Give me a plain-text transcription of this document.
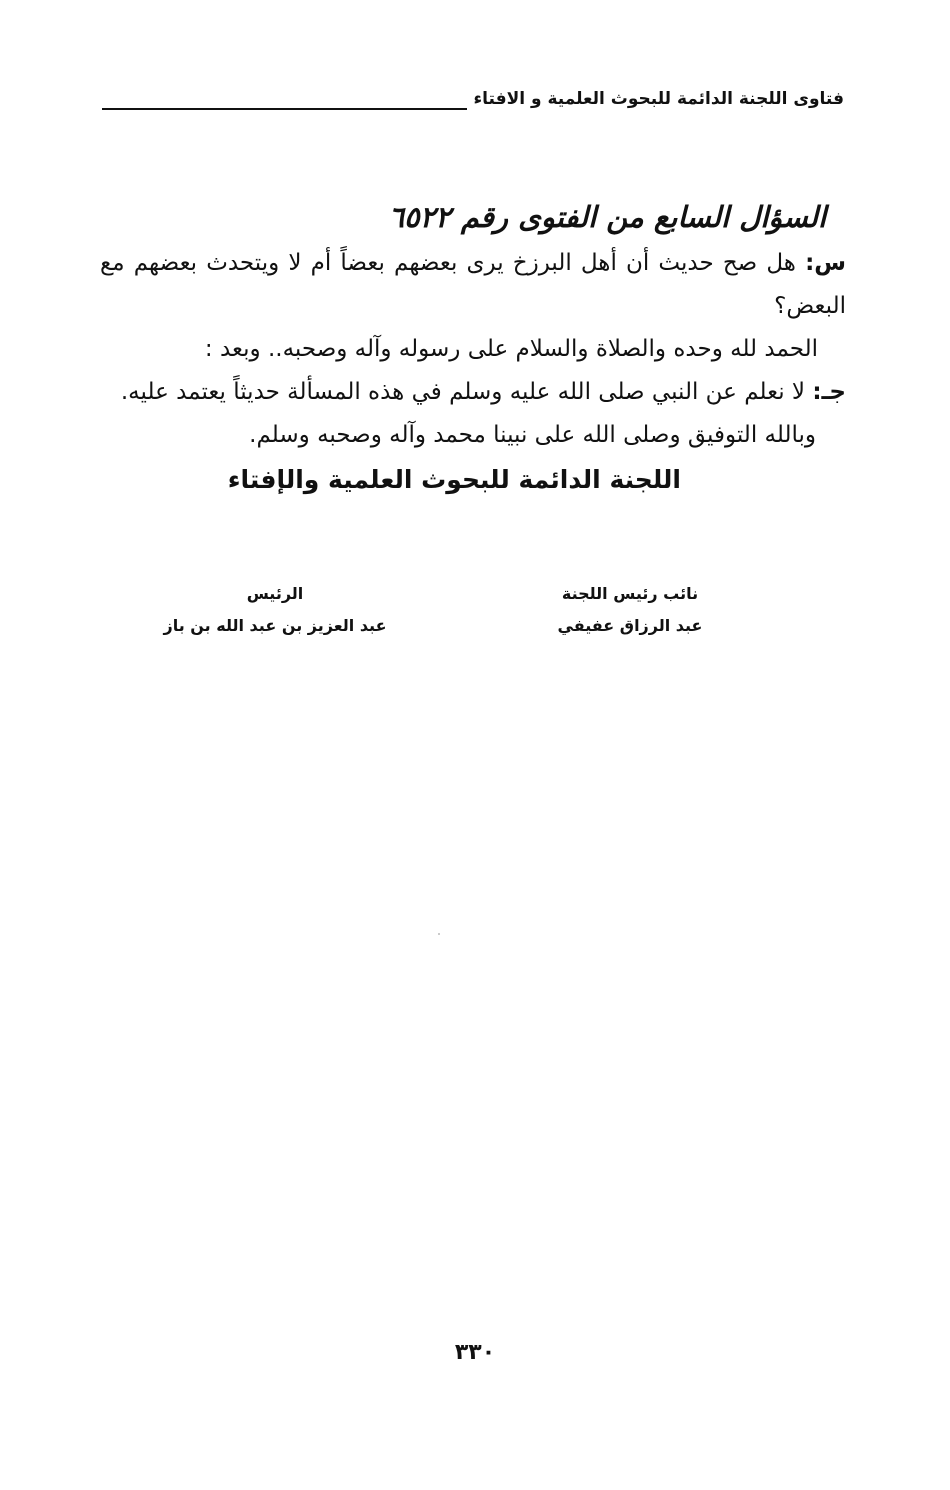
فتاوى اللجنة الدائمة للبحوث العلمية و الافتاء

السؤال السابع من الفتوى رقم ٦٥٢٢

س: هل صح حديث أن أهل البرزخ يرى بعضهم بعضاً أم لا ويتحدث بعضهم مع البعض؟

الحمد لله وحده والصلاة والسلام على رسوله وآله وصحبه.. وبعد :

جـ: لا نعلم عن النبي صلى الله عليه وسلم في هذه المسألة حديثاً يعتمد عليه.

وبالله التوفيق وصلى الله على نبينا محمد وآله وصحبه وسلم.

اللجنة الدائمة للبحوث العلمية والإفتاء

نائب رئيس اللجنة
عبد الرزاق عفيفي
الرئيس
عبد العزيز بن عبد الله بن باز
٣٣٠
